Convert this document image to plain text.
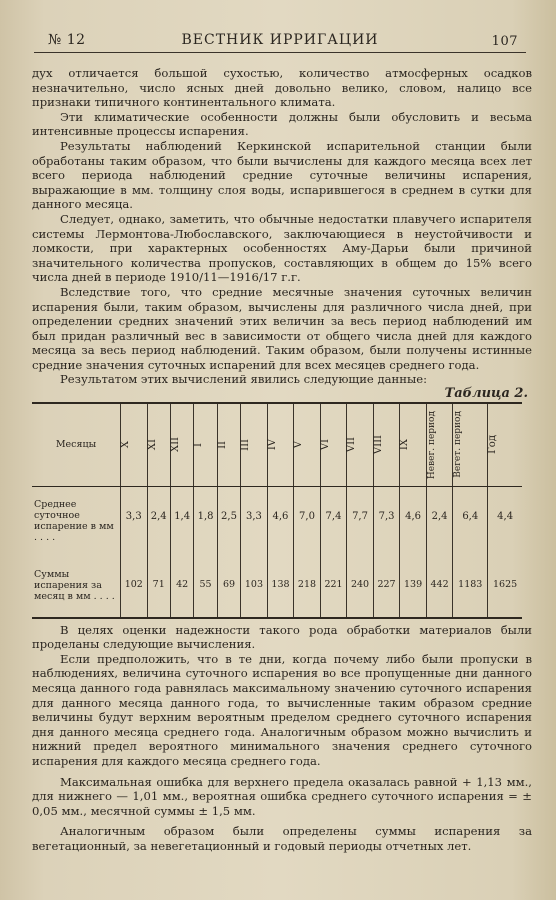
№ 12	ВЕСТНИК ИРРИГАЦИИ	107

дух отличается большой сухостью, количество атмосферных осадков незначительно, число ясных дней довольно велико, словом, налицо все признаки типичного континентального климата.

Эти климатические особенности должны были обусловить и весьма интенсивные процессы испарения.

Результаты наблюдений Керкинской испарительной станции были обработаны таким образом, что были вычислены для каждого месяца всех лет всего периода наблюдений средние суточные величины испарения, выражающие в мм. толщину слоя воды, испарившегося в среднем в сутки для данного месяца.

Следует, однако, заметить, что обычные недостатки плавучего испарителя системы Лермонтова-Любославского, заключающиеся в неустойчивости и ломкости, при характерных особенностях Аму-Дарьи были причиной значительного количества пропусков, составляющих в общем до 15% всего числа дней в периоде 1910/11—1916/17 г.г.

Вследствие того, что средние месячные значения суточных величин испарения были, таким образом, вычислены для различного числа дней, при определении средних значений этих величин за весь период наблюдений им был придан различный вес в зависимости от общего числа дней для каждого месяца за весь период наблюдений. Таким образом, были получены истинные средние значения суточных испарений для всех месяцев среднего года.

Результатом этих вычислений явились следующие данные:

Таблица 2.
Месяцы	X	XI	XII	I	II	III	IV	V	VI	VII	VIII	IX	Невег. период	Вегет. период	Год

Среднее суточное испарение в мм . . . .	3,3	2,4	1,4	1,8	2,5	3,3	4,6	7,0	7,4	7,7	7,3	4,6	2,4	6,4	4,4
Суммы испарения за месяц в мм . . . .	102	71	42	55	69	103	138	218	221	240	227	139	442	1183	1625

В целях оценки надежности такого рода обработки материалов были проделаны следующие вычисления.

Если предположить, что в те дни, когда почему либо были пропуски в наблюдениях, величина суточного испарения во все пропущенные дни данного месяца данного года равнялась максимальному значению суточного испарения для данного месяца данного года, то вычисленные таким образом средние величины будут верхним вероятным пределом среднего суточного испарения дня данного месяца среднего года. Аналогичным образом можно вычислить и нижний предел вероятного минимального значения среднего суточного испарения для каждого месяца среднего года.

Максимальная ошибка для верхнего предела оказалась равной + 1,13 мм., для нижнего — 1,01 мм., вероятная ошибка среднего суточного испарения = ± 0,05 мм., месячной суммы ± 1,5 мм.

Аналогичным образом были определены суммы испарения за вегетационный, за невегетационный и годовый периоды отчетных лет.
